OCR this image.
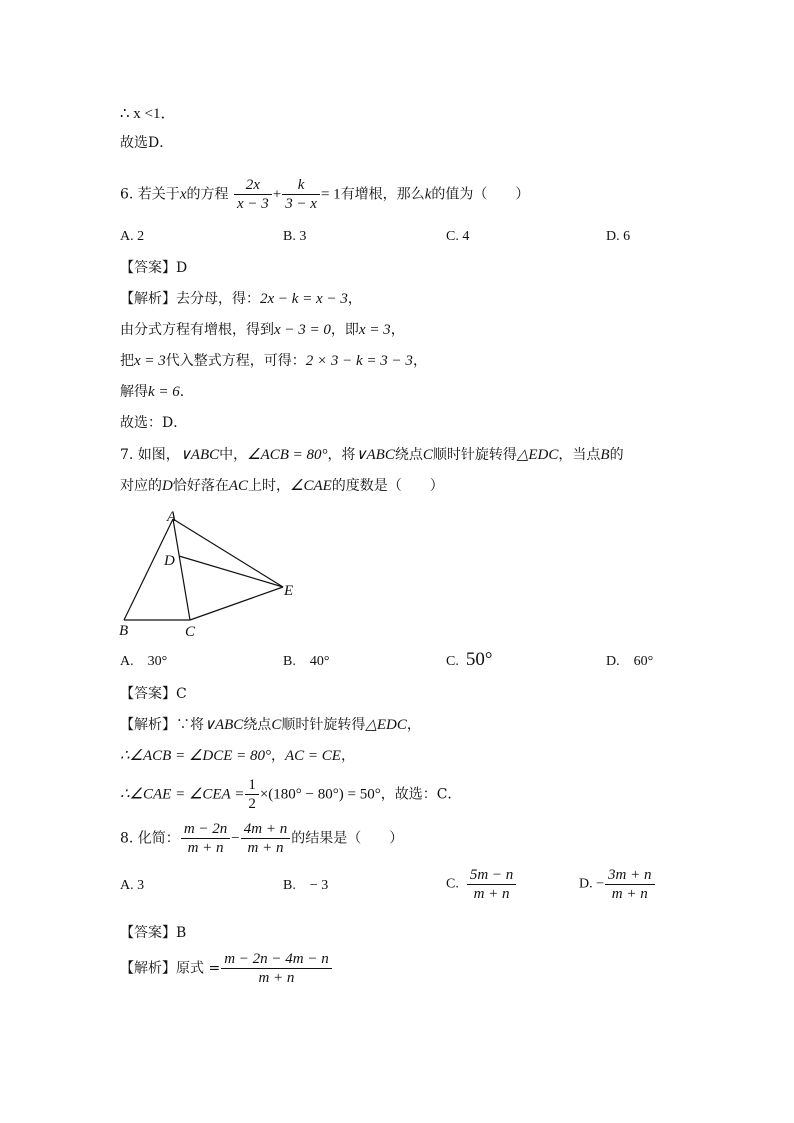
∴ x <1．
故选D．
6. 若关于x的方程 $\frac{2x}{x - 3} + \frac{k}{3 - x} = 1$有增根，那么k的值为（　　）
A. 2	B. 3	C. 4	D. 6
【答案】D
【解析】去分母，得：2x − k = x − 3，
由分式方程有增根，得到x − 3 = 0，即x = 3，
把x = 3代入整式方程，可得：2 × 3 − k = 3 − 3，
解得k = 6．
故选：D．
7. 如图，∨ABC中，∠ACB = 80°，将∨ABC绕点C顺时针旋转得△EDC，当点B的
对应的D恰好落在AC上时，∠CAE的度数是（　　）
A
B	C
D
E
A.　30°	B.　40°	C. 50°	D.　60°
【答案】C
【解析】∵将∨ABC绕点C顺时针旋转得△EDC，
∴∠ACB = ∠DCE = 80°，AC = CE，
∴∠CAE = ∠CEA = $\frac{1}{2} \times(180^\circ - 80^\circ) = 50^\circ$，故选：C．
8. 化简： $\frac{m - 2n}{m + n} - \frac{4m + n}{m + n}$ 的结果是（　　）
A. 3	B.　− 3	C. $\frac{5m - n}{m + n}$	D. − $\frac{3m + n}{m + n}$
【答案】B
【解析】原式 = $\frac{m - 2n - 4m - n}{m + n}$
